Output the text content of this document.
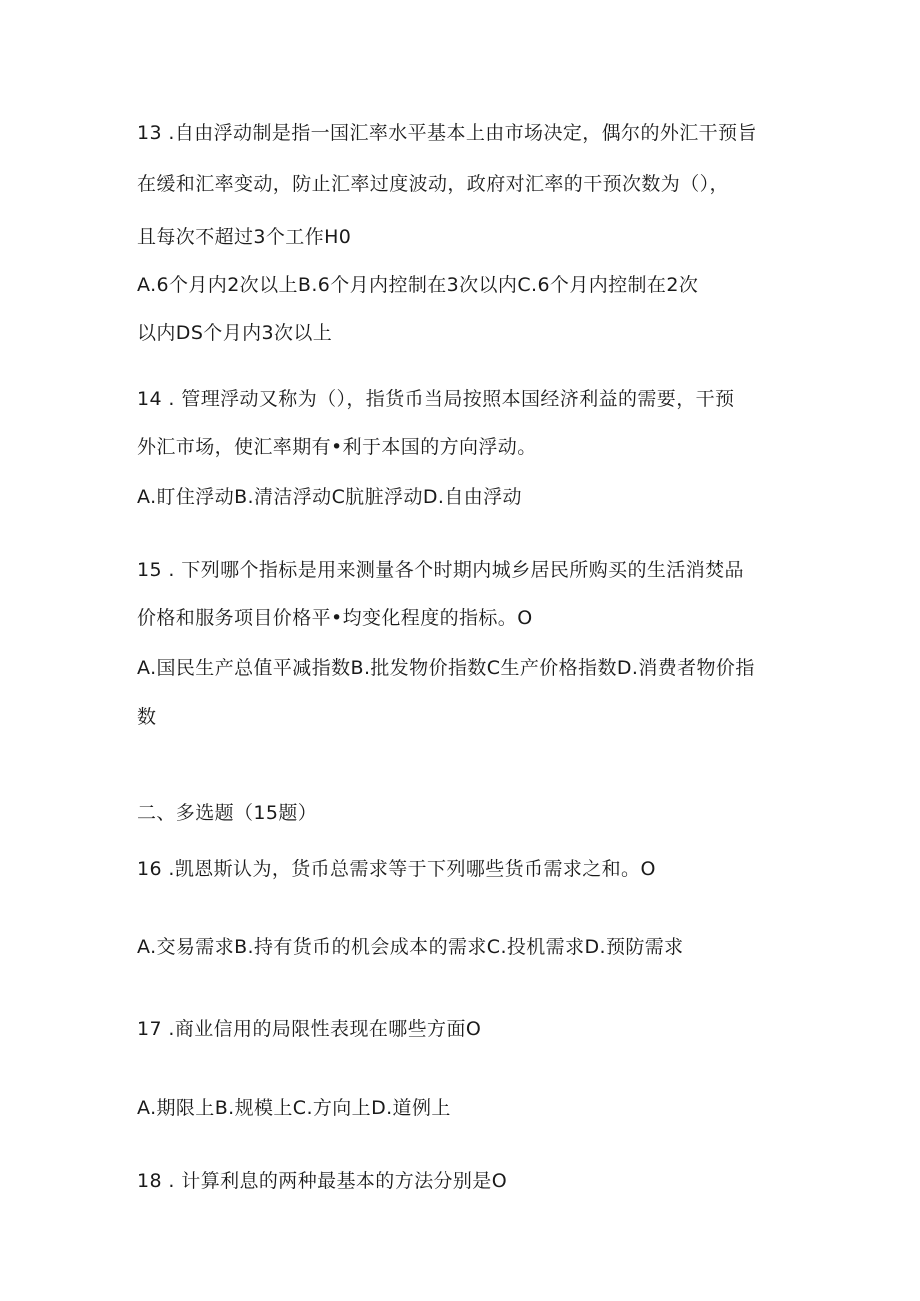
13 .自由浮动制是指一国汇率水平基本上由市场决定，偶尔的外汇干预旨
在缓和汇率变动，防止汇率过度波动，政府对汇率的干预次数为（），
且每次不超过3个工作H0
A.6个月内2次以上B.6个月内控制在3次以内C.6个月内控制在2次
以内DS个月内3次以上
14 . 管理浮动又称为（），指货币当局按照本国经济利益的需要，干预
外汇市场，使汇率期有•利于本国的方向浮动。
A.盯住浮动B.清洁浮动C肮脏浮动D.自由浮动
15 . 下列哪个指标是用来测量各个时期内城乡居民所购买的生活消焚品
价格和服务项目价格平•均变化程度的指标。O
A.国民生产总值平减指数B.批发物价指数C生产价格指数D.消费者物价指
数
二、多选题（15题）
16 .凯恩斯认为，货币总需求等于下列哪些货币需求之和。O
A.交易需求B.持有货币的机会成本的需求C.投机需求D.预防需求
17 .商业信用的局限性表现在哪些方面O
A.期限上B.规模上C.方向上D.道例上
18 . 计算利息的两种最基本的方法分别是O
